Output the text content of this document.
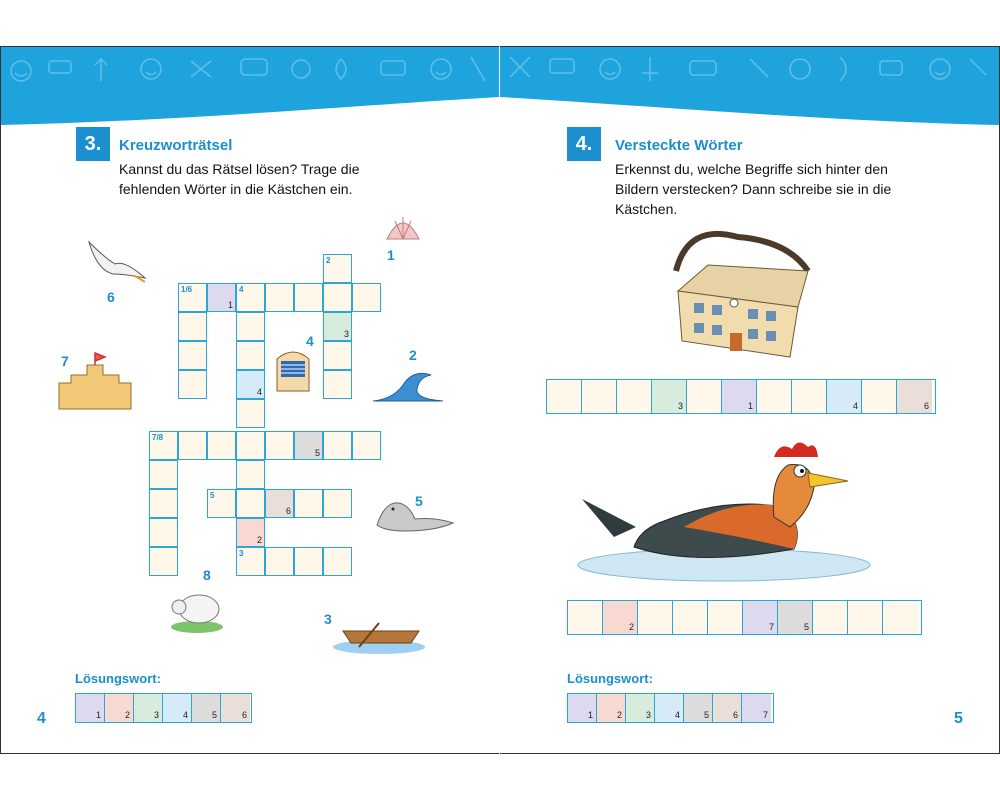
3.	Kreuzworträtsel
Kannst du das Rätsel lösen? Trage die
fehlenden Wörter in die Kästchen ein.
1/6
1
4
2
3
4
7/8
5
5
6
2
3
1
2
3
4
5
6
7
8
Lösungswort:
1	2	3	4	5	6
4
4.	Versteckte Wörter
Erkennst du, welche Begriffe sich hinter den
Bildern verstecken? Dann schreibe sie in die
Kästchen.
3	1	4	6
2	7	5
Lösungswort:
1	2	3	4	5	6	7	5
